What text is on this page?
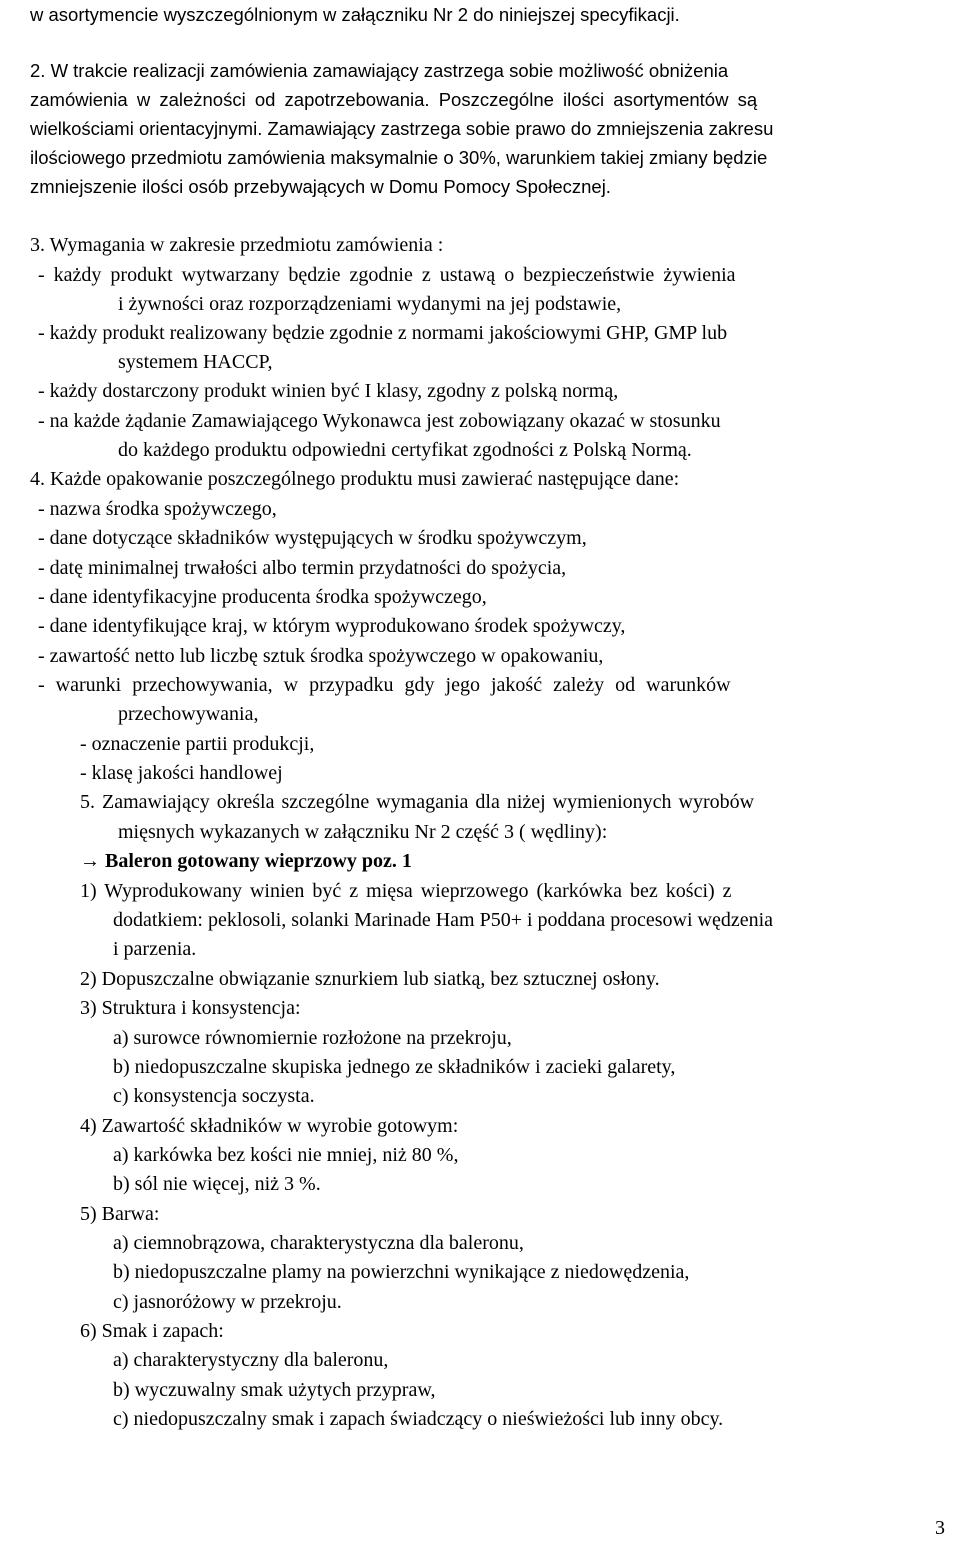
w asortymencie wyszczególnionym w załączniku Nr 2 do niniejszej specyfikacji.
2. W trakcie realizacji zamówienia zamawiający zastrzega sobie możliwość obniżenia
zamówienia w zależności od zapotrzebowania. Poszczególne ilości asortymentów są
wielkościami orientacyjnymi. Zamawiający zastrzega sobie prawo do zmniejszenia zakresu
ilościowego przedmiotu zamówienia maksymalnie o 30%, warunkiem takiej zmiany będzie
zmniejszenie ilości osób przebywających w Domu Pomocy Społecznej.
3. Wymagania w zakresie przedmiotu zamówienia :
- każdy produkt wytwarzany będzie zgodnie z ustawą o bezpieczeństwie żywienia
i żywności oraz rozporządzeniami wydanymi na jej podstawie,
- każdy produkt realizowany będzie zgodnie z normami jakościowymi GHP, GMP lub
systemem HACCP,
- każdy dostarczony produkt winien być I klasy, zgodny z polską normą,
- na każde żądanie Zamawiającego Wykonawca jest zobowiązany okazać w stosunku
do każdego produktu odpowiedni certyfikat zgodności z Polską Normą.
4. Każde opakowanie poszczególnego produktu musi zawierać następujące dane:
- nazwa środka spożywczego,
- dane dotyczące składników występujących w środku spożywczym,
- datę minimalnej trwałości albo termin przydatności do spożycia,
- dane identyfikacyjne producenta środka spożywczego,
- dane identyfikujące kraj, w którym wyprodukowano środek spożywczy,
- zawartość netto lub liczbę sztuk środka spożywczego w opakowaniu,
- warunki przechowywania, w przypadku gdy jego jakość zależy od warunków
przechowywania,
- oznaczenie partii produkcji,
- klasę jakości handlowej
5. Zamawiający określa szczególne wymagania dla niżej wymienionych wyrobów
mięsnych wykazanych w załączniku Nr 2 część 3 ( wędliny):
→ Baleron gotowany wieprzowy poz. 1
1) Wyprodukowany winien być z mięsa wieprzowego (karkówka bez kości) z
dodatkiem: peklosoli, solanki Marinade Ham P50+ i poddana procesowi wędzenia
i parzenia.
2) Dopuszczalne obwiązanie sznurkiem lub siatką, bez sztucznej osłony.
3) Struktura i konsystencja:
a) surowce równomiernie rozłożone na przekroju,
b) niedopuszczalne skupiska jednego ze składników i zacieki galarety,
c) konsystencja soczysta.
4) Zawartość składników w wyrobie gotowym:
a) karkówka bez kości nie mniej, niż 80 %,
b) sól nie więcej, niż 3 %.
5) Barwa:
a) ciemnobrązowa, charakterystyczna dla baleronu,
b) niedopuszczalne plamy na powierzchni wynikające z niedowędzenia,
c) jasnoróżowy w przekroju.
6) Smak i zapach:
a) charakterystyczny dla baleronu,
b) wyczuwalny smak użytych przypraw,
c) niedopuszczalny smak i zapach świadczący o nieświeżości lub inny obcy.
3
